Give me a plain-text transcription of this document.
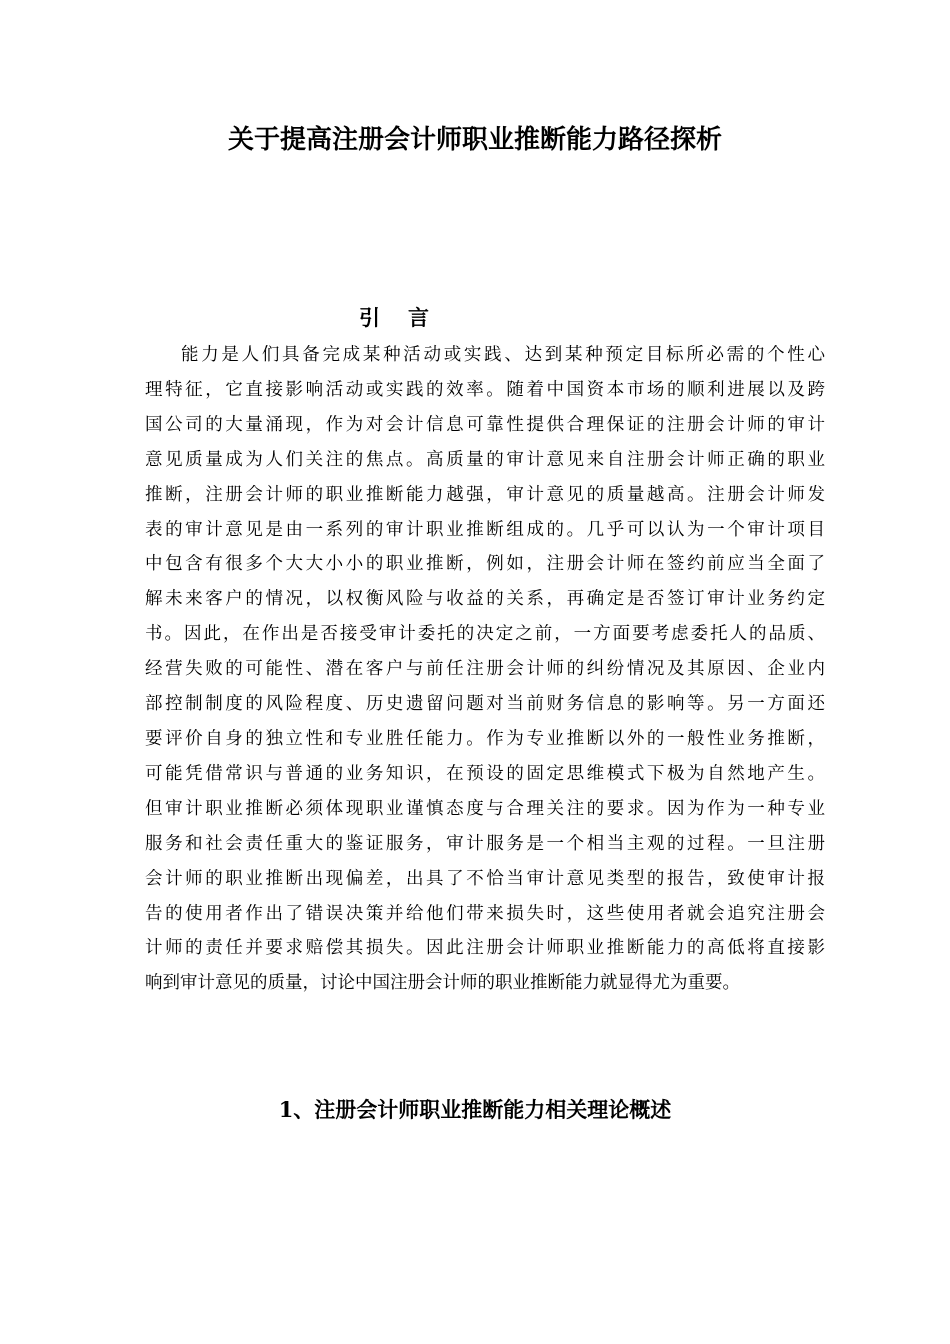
关于提高注册会计师职业推断能力路径探析
引 言
能力是人们具备完成某种活动或实践、达到某种预定目标所必需的个性心
理特征，它直接影响活动或实践的效率。随着中国资本市场的顺利进展以及跨
国公司的大量涌现，作为对会计信息可靠性提供合理保证的注册会计师的审计
意见质量成为人们关注的焦点。高质量的审计意见来自注册会计师正确的职业
推断，注册会计师的职业推断能力越强，审计意见的质量越高。注册会计师发
表的审计意见是由一系列的审计职业推断组成的。几乎可以认为一个审计项目
中包含有很多个大大小小的职业推断，例如，注册会计师在签约前应当全面了
解未来客户的情况，以权衡风险与收益的关系，再确定是否签订审计业务约定
书。因此，在作出是否接受审计委托的决定之前，一方面要考虑委托人的品质、
经营失败的可能性、潜在客户与前任注册会计师的纠纷情况及其原因、企业内
部控制制度的风险程度、历史遗留问题对当前财务信息的影响等。另一方面还
要评价自身的独立性和专业胜任能力。作为专业推断以外的一般性业务推断，
可能凭借常识与普通的业务知识，在预设的固定思维模式下极为自然地产生。
但审计职业推断必须体现职业谨慎态度与合理关注的要求。因为作为一种专业
服务和社会责任重大的鉴证服务，审计服务是一个相当主观的过程。一旦注册
会计师的职业推断出现偏差，出具了不恰当审计意见类型的报告，致使审计报
告的使用者作出了错误决策并给他们带来损失时，这些使用者就会追究注册会
计师的责任并要求赔偿其损失。因此注册会计师职业推断能力的高低将直接影
响到审计意见的质量，讨论中国注册会计师的职业推断能力就显得尤为重要。
1、注册会计师职业推断能力相关理论概述
